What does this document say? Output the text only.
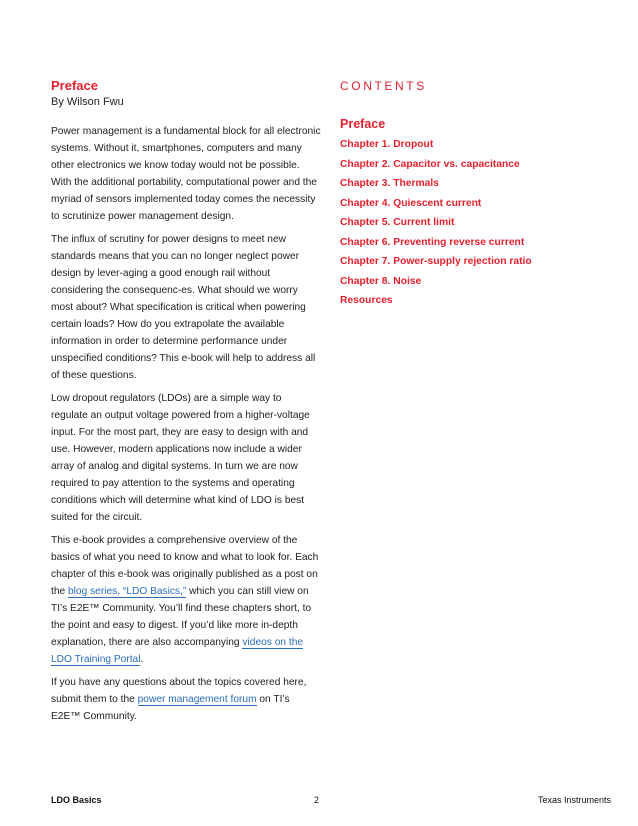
Preface

By Wilson Fwu

Power management is a fundamental block for all electronic systems. Without it, smartphones, computers and many other electronics we know today would not be possible. With the additional portability, computational power and the myriad of sensors implemented today comes the necessity to scrutinize power management design.

The influx of scrutiny for power designs to meet new standards means that you can no longer neglect power design by lever-aging a good enough rail without considering the consequenc-es. What should we worry most about? What specification is critical when powering certain loads? How do you extrapolate the available information in order to determine performance under unspecified conditions? This e-book will help to address all of these questions.

Low dropout regulators (LDOs) are a simple way to regulate an output voltage powered from a higher-voltage input. For the most part, they are easy to design with and use. However, modern applications now include a wider array of analog and digital systems. In turn we are now required to pay attention to the systems and operating conditions which will determine what kind of LDO is best suited for the circuit.

This e-book provides a comprehensive overview of the basics of what you need to know and what to look for. Each chapter of this e-book was originally published as a post on the blog series, “LDO Basics,” which you can still view on TI’s E2E™ Community. You’ll find these chapters short, to the point and easy to digest. If you’d like more in-depth explanation, there are also accompanying videos on the LDO Training Portal.

If you have any questions about the topics covered here, submit them to the power management forum on TI’s E2E™ Community.

CONTENTS
Preface
Chapter 1. Dropout
Chapter 2. Capacitor vs. capacitance
Chapter 3. Thermals
Chapter 4. Quiescent current
Chapter 5. Current limit
Chapter 6. Preventing reverse current
Chapter 7. Power-supply rejection ratio
Chapter 8. Noise
Resources
LDO Basics	2	Texas Instruments
